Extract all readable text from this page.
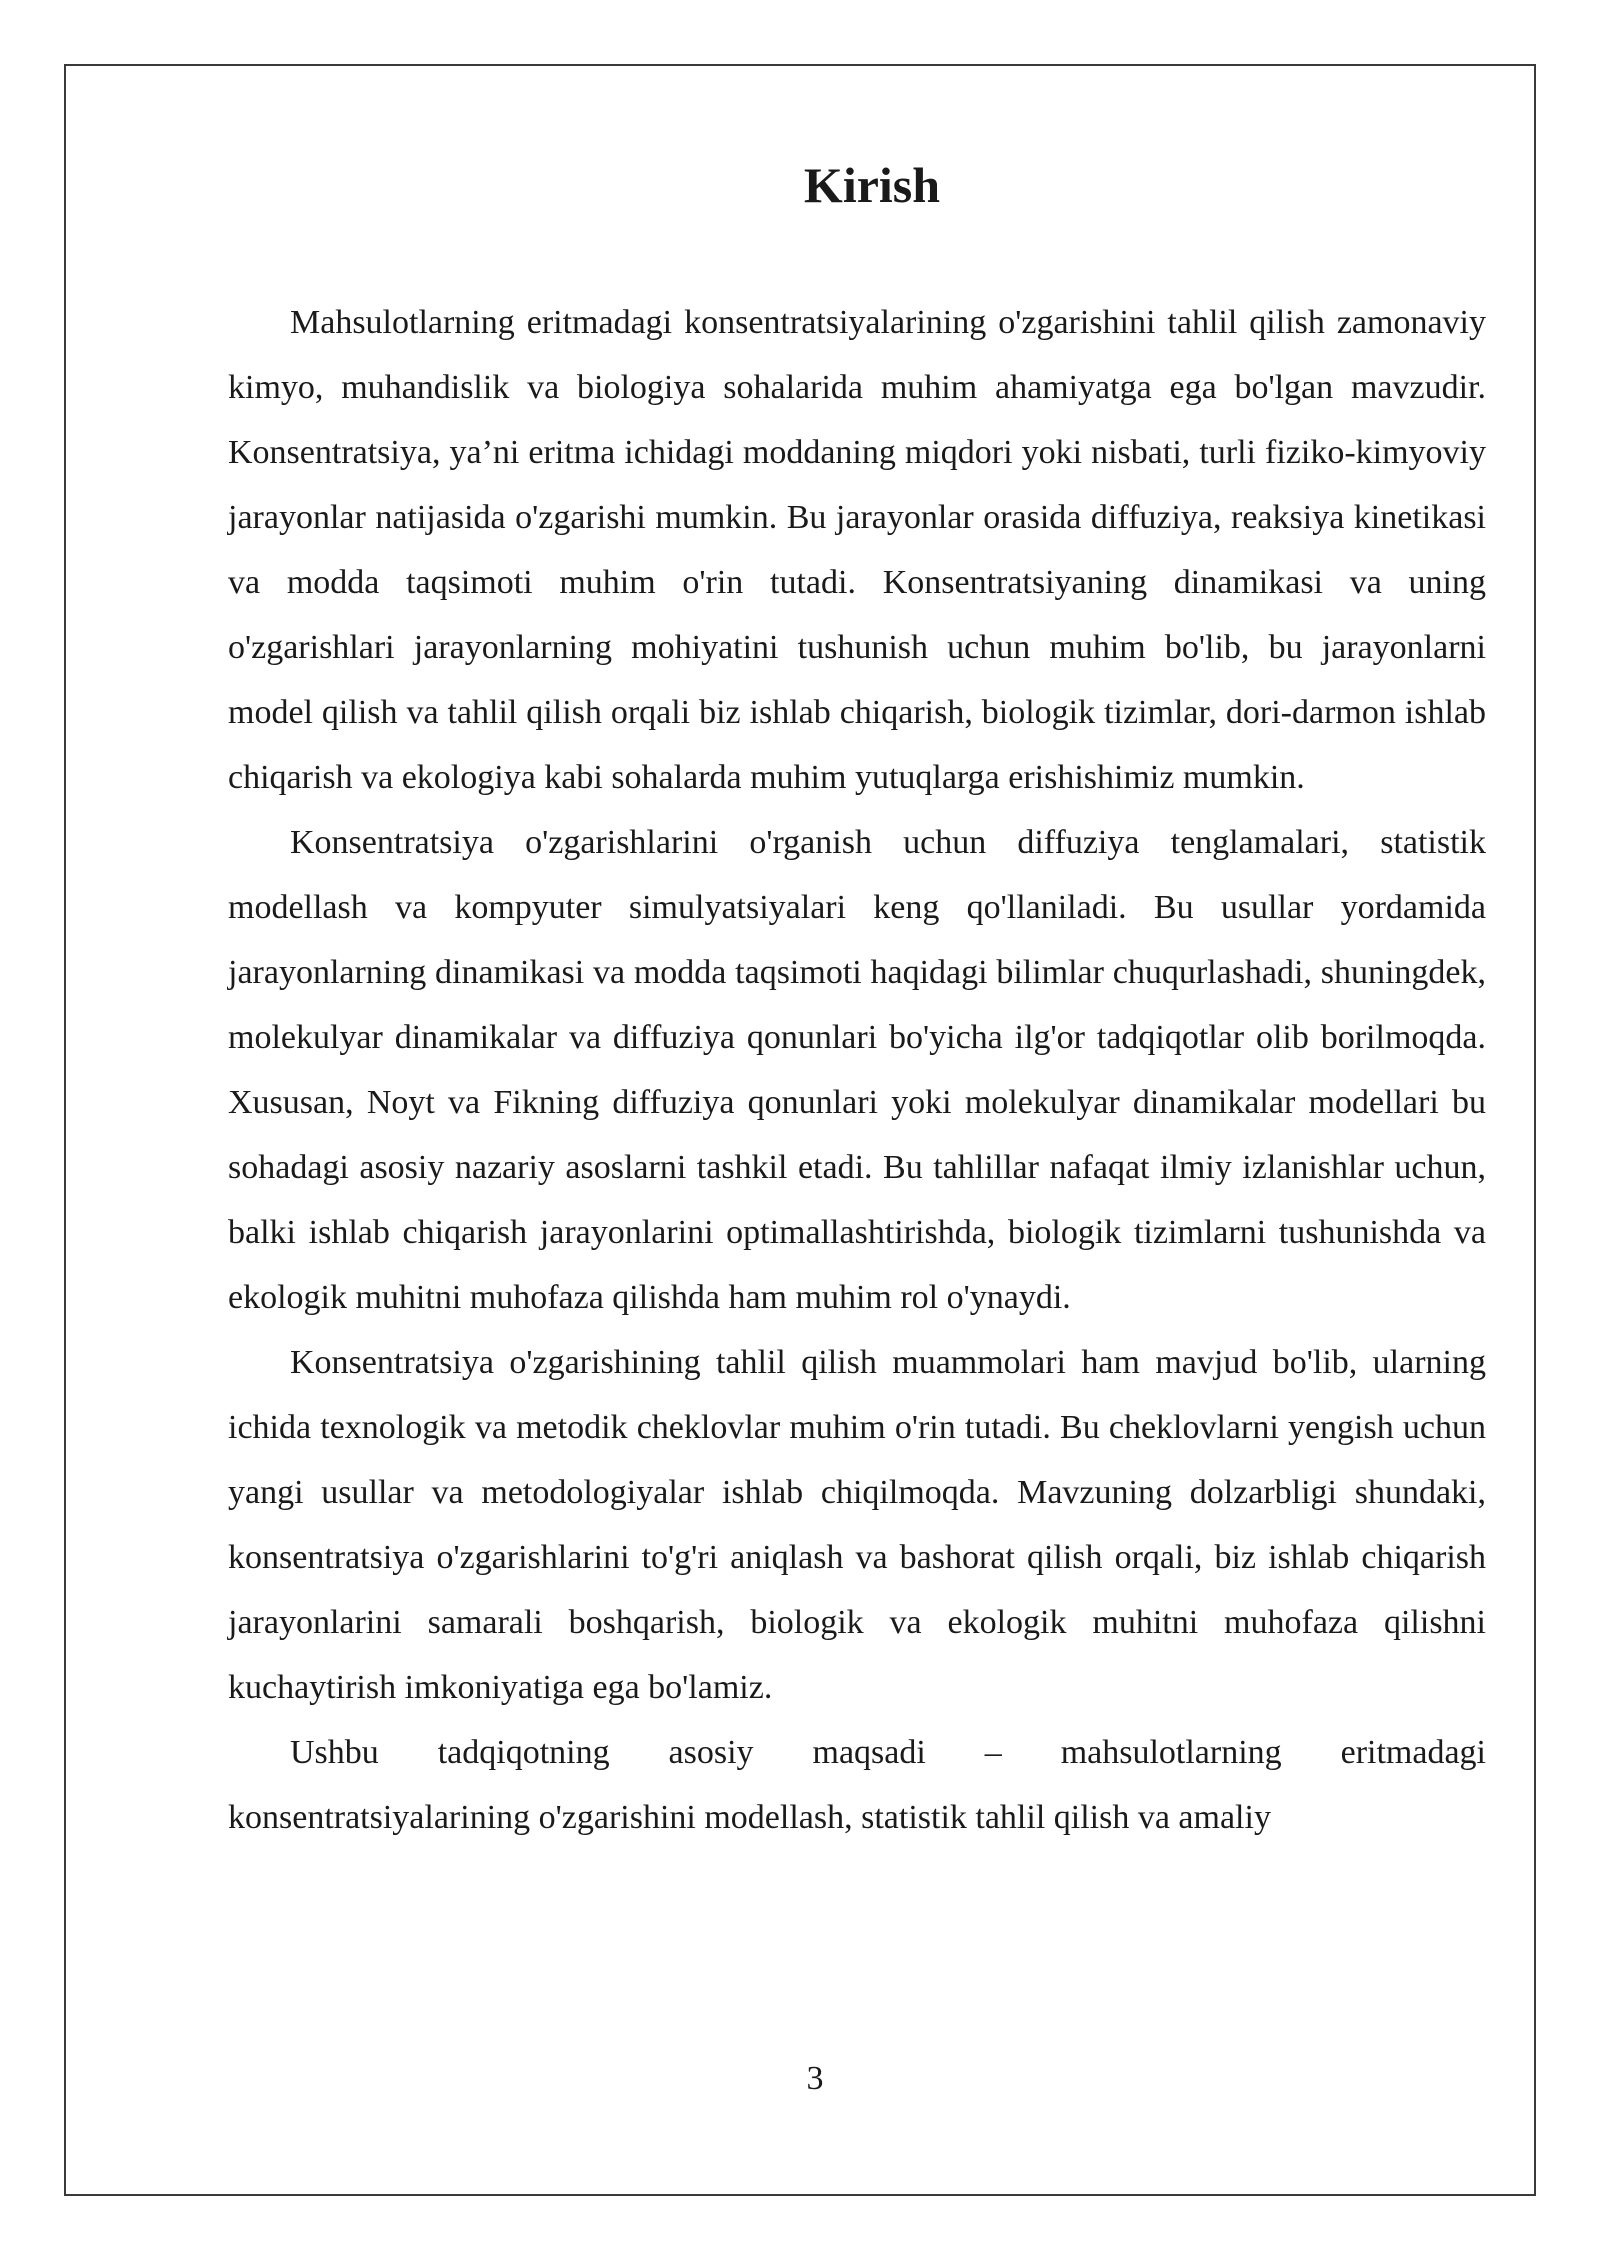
Kirish

Mahsulotlarning eritmadagi konsentratsiyalarining o'zgarishini tahlil qilish zamonaviy kimyo, muhandislik va biologiya sohalarida muhim ahamiyatga ega bo'lgan mavzudir. Konsentratsiya, ya’ni eritma ichidagi moddaning miqdori yoki nisbati, turli fiziko-kimyoviy jarayonlar natijasida o'zgarishi mumkin. Bu jarayonlar orasida diffuziya, reaksiya kinetikasi va modda taqsimoti muhim o'rin tutadi. Konsentratsiyaning dinamikasi va uning o'zgarishlari jarayonlarning mohiyatini tushunish uchun muhim bo'lib, bu jarayonlarni model qilish va tahlil qilish orqali biz ishlab chiqarish, biologik tizimlar, dori-darmon ishlab chiqarish va ekologiya kabi sohalarda muhim yutuqlarga erishishimiz mumkin.

Konsentratsiya o'zgarishlarini o'rganish uchun diffuziya tenglamalari, statistik modellash va kompyuter simulyatsiyalari keng qo'llaniladi. Bu usullar yordamida jarayonlarning dinamikasi va modda taqsimoti haqidagi bilimlar chuqurlashadi, shuningdek, molekulyar dinamikalar va diffuziya qonunlari bo'yicha ilg'or tadqiqotlar olib borilmoqda. Xususan, Noyt va Fikning diffuziya qonunlari yoki molekulyar dinamikalar modellari bu sohadagi asosiy nazariy asoslarni tashkil etadi. Bu tahlillar nafaqat ilmiy izlanishlar uchun, balki ishlab chiqarish jarayonlarini optimallashtirishda, biologik tizimlarni tushunishda va ekologik muhitni muhofaza qilishda ham muhim rol o'ynaydi.

Konsentratsiya o'zgarishining tahlil qilish muammolari ham mavjud bo'lib, ularning ichida texnologik va metodik cheklovlar muhim o'rin tutadi. Bu cheklovlarni yengish uchun yangi usullar va metodologiyalar ishlab chiqilmoqda. Mavzuning dolzarbligi shundaki, konsentratsiya o'zgarishlarini to'g'ri aniqlash va bashorat qilish orqali, biz ishlab chiqarish jarayonlarini samarali boshqarish, biologik va ekologik muhitni muhofaza qilishni kuchaytirish imkoniyatiga ega bo'lamiz.

Ushbu tadqiqotning asosiy maqsadi – mahsulotlarning eritmadagi konsentratsiyalarining o'zgarishini modellash, statistik tahlil qilish va amaliy

3
